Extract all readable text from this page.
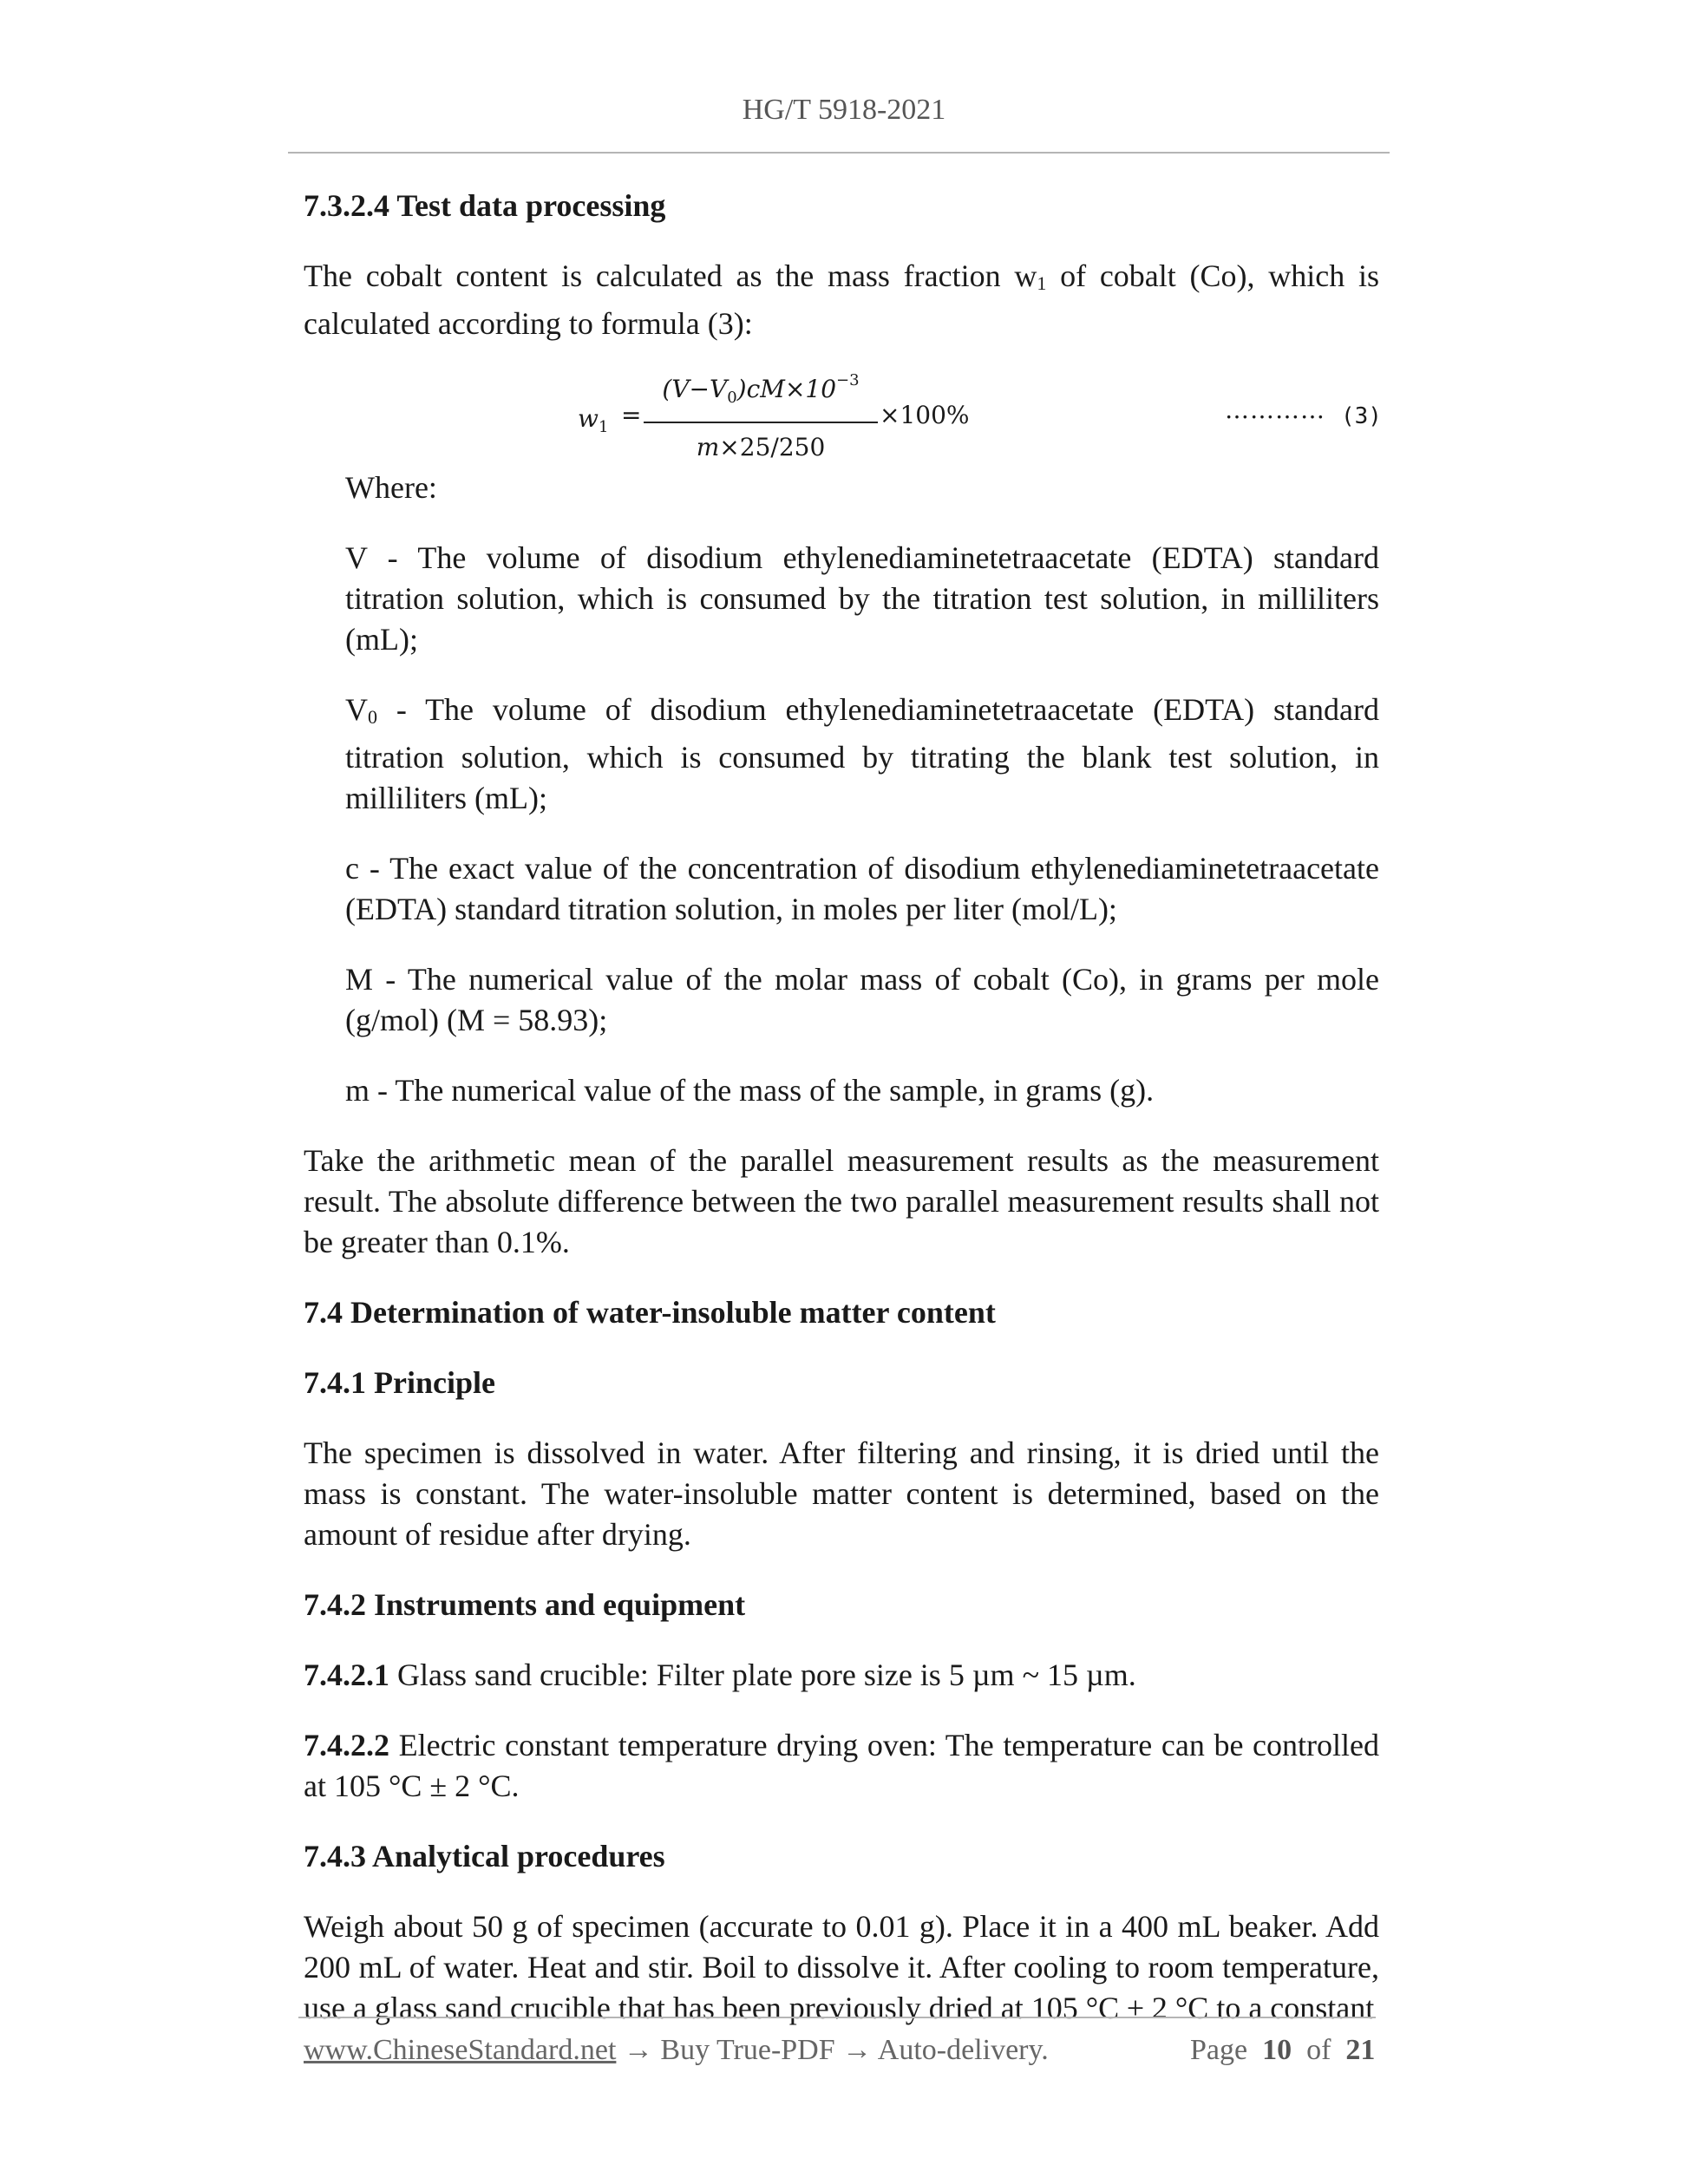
HG/T 5918-2021

7.3.2.4 Test data processing

The cobalt content is calculated as the mass fraction w1 of cobalt (Co), which is calculated according to formula (3):

$w_1 = \frac{(V-V_0)cM\times 10^{-3}}{m\times 25/250} \times 100\%$	………… (3)

Where:

V - The volume of disodium ethylenediaminetetraacetate (EDTA) standard titration solution, which is consumed by the titration test solution, in milliliters (mL);

V0 - The volume of disodium ethylenediaminetetraacetate (EDTA) standard titration solution, which is consumed by titrating the blank test solution, in milliliters (mL);

c - The exact value of the concentration of disodium ethylenediaminetetraacetate (EDTA) standard titration solution, in moles per liter (mol/L);

M - The numerical value of the molar mass of cobalt (Co), in grams per mole (g/mol) (M = 58.93);

m - The numerical value of the mass of the sample, in grams (g).

Take the arithmetic mean of the parallel measurement results as the measurement result. The absolute difference between the two parallel measurement results shall not be greater than 0.1%.

7.4 Determination of water-insoluble matter content

7.4.1 Principle

The specimen is dissolved in water. After filtering and rinsing, it is dried until the mass is constant. The water-insoluble matter content is determined, based on the amount of residue after drying.

7.4.2 Instruments and equipment

7.4.2.1 Glass sand crucible: Filter plate pore size is 5 µm ~ 15 µm.

7.4.2.2 Electric constant temperature drying oven: The temperature can be controlled at 105 °C ± 2 °C.

7.4.3 Analytical procedures

Weigh about 50 g of specimen (accurate to 0.01 g). Place it in a 400 mL beaker. Add 200 mL of water. Heat and stir. Boil to dissolve it. After cooling to room temperature, use a glass sand crucible that has been previously dried at 105 °C ± 2 °C to a constant

www.ChineseStandard.net → Buy True-PDF → Auto-delivery.	Page 10 of 21
